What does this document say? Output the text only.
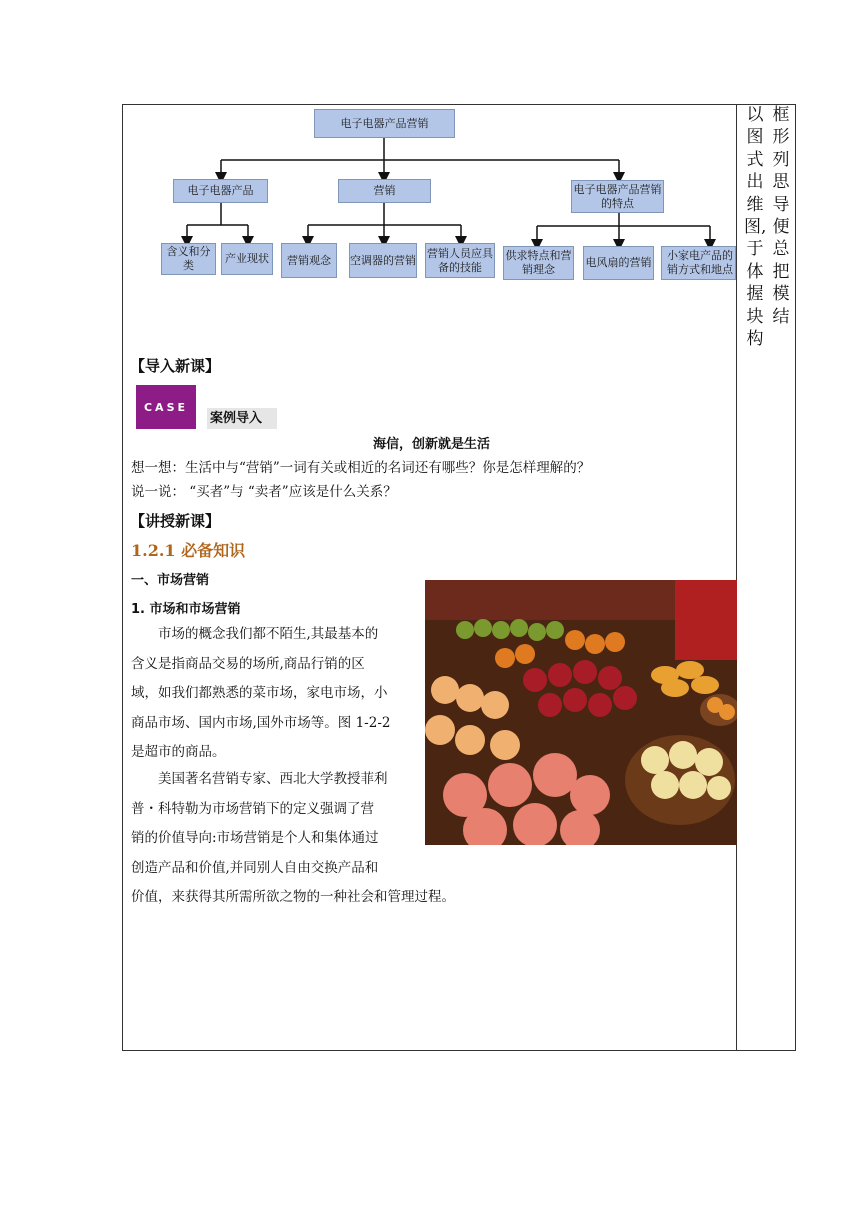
以
图
式
出
维
图,
于
体
握
块
构
框
形
列
思
导
便
总
把
模
结
电子电器产品营销
电子电器产品	营销	电子电器产品营销的特点
含义和分类
产业现状	营销观念	空调器的营销
营销人员应具备的技能
供求特点和营销理念
电风扇的营销
小家电产品的销方式和地点
【导入新课】
CASE
案例导入
海信，创新就是生活
想一想：生活中与“营销”一词有关或相近的名词还有哪些？你是怎样理解的？
说一说： “买者”与 “卖者”应该是什么关系？
【讲授新课】
1.2.1 必备知识
一、市场营销
1. 市场和市场营销
　　市场的概念我们都不陌生,其最基本的
含义是指商品交易的场所,商品行销的区
域，如我们都熟悉的菜市场，家电市场，小
商品市场、国内市场,国外市场等。图 1-2-2
是超市的商品。
　　美国著名营销专家、西北大学教授菲利
普・科特勒为市场营销下的定义强调了营
销的价值导向:市场营销是个人和集体通过
创造产品和价值,并同别人自由交换产品和
价值，来获得其所需所欲之物的一种社会和管理过程。
